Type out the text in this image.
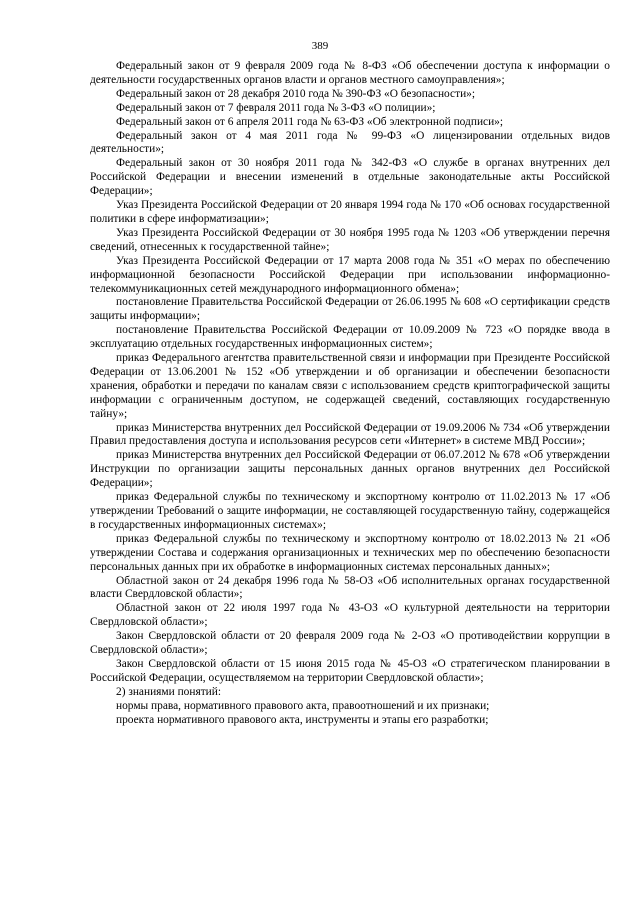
389

Федеральный закон от 9 февраля 2009 года № 8-ФЗ «Об обеспечении доступа к информации о деятельности государственных органов власти и органов местного самоуправления»;

Федеральный закон от 28 декабря 2010 года № 390-ФЗ «О безопасности»;

Федеральный закон от 7 февраля 2011 года № 3-ФЗ «О полиции»;

Федеральный закон от 6 апреля 2011 года № 63-ФЗ «Об электронной подписи»;

Федеральный закон от 4 мая 2011 года № 99-ФЗ «О лицензировании отдельных видов деятельности»;

Федеральный закон от 30 ноября 2011 года № 342-ФЗ «О службе в органах внутренних дел Российской Федерации и внесении изменений в отдельные законодательные акты Российской Федерации»;

Указ Президента Российской Федерации от 20 января 1994 года № 170 «Об основах государственной политики в сфере информатизации»;

Указ Президента Российской Федерации от 30 ноября 1995 года № 1203 «Об утверждении перечня сведений, отнесенных к государственной тайне»;

Указ Президента Российской Федерации от 17 марта 2008 года № 351 «О мерах по обеспечению информационной безопасности Российской Федерации при использовании информационно-телекоммуникационных сетей международного информационного обмена»;

постановление Правительства Российской Федерации от 26.06.1995 № 608 «О сертификации средств защиты информации»;

постановление Правительства Российской Федерации от 10.09.2009 № 723 «О порядке ввода в эксплуатацию отдельных государственных информационных систем»;

приказ Федерального агентства правительственной связи и информации при Президенте Российской Федерации от 13.06.2001 № 152 «Об утверждении и об организации и обеспечении безопасности хранения, обработки и передачи по каналам связи с использованием средств криптографической защиты информации с ограниченным доступом, не содержащей сведений, составляющих государственную тайну»;

приказ Министерства внутренних дел Российской Федерации от 19.09.2006 № 734 «Об утверждении Правил предоставления доступа и использования ресурсов сети «Интернет» в системе МВД России»;

приказ Министерства внутренних дел Российской Федерации от 06.07.2012 № 678 «Об утверждении Инструкции по организации защиты персональных данных органов внутренних дел Российской Федерации»;

приказ Федеральной службы по техническому и экспортному контролю от 11.02.2013 № 17 «Об утверждении Требований о защите информации, не составляющей государственную тайну, содержащейся в государственных информационных системах»;

приказ Федеральной службы по техническому и экспортному контролю от 18.02.2013 № 21 «Об утверждении Состава и содержания организационных и технических мер по обеспечению безопасности персональных данных при их обработке в информационных системах персональных данных»;

Областной закон от 24 декабря 1996 года № 58-ОЗ «Об исполнительных органах государственной власти Свердловской области»;

Областной закон от 22 июля 1997 года № 43-ОЗ «О культурной деятельности на территории Свердловской области»;

Закон Свердловской области от 20 февраля 2009 года № 2-ОЗ «О противодействии коррупции в Свердловской области»;

Закон Свердловской области от 15 июня 2015 года № 45-ОЗ «О стратегическом планировании в Российской Федерации, осуществляемом на территории Свердловской области»;

2) знаниями понятий:

нормы права, нормативного правового акта, правоотношений и их признаки;

проекта нормативного правового акта, инструменты и этапы его разработки;
